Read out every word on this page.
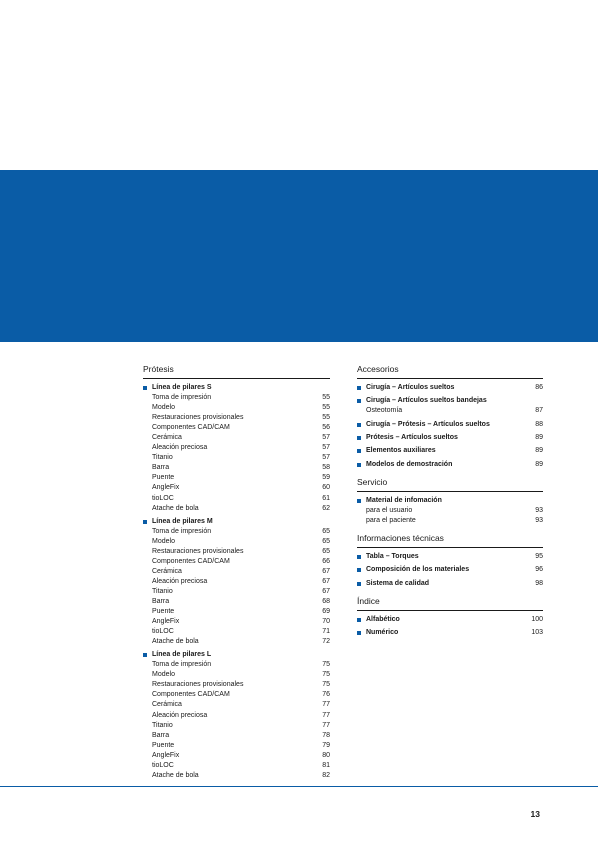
Prótesis
Línea de pilares S
Toma de impresión	55
Modelo	55
Restauraciones provisionales	55
Componentes CAD/CAM	56
Cerámica	57
Aleación preciosa	57
Titanio	57
Barra	58
Puente	59
AngleFix	60
tioLOC	61
Atache de bola	62
Línea de pilares M
Toma de impresión	65
Modelo	65
Restauraciones provisionales	65
Componentes CAD/CAM	66
Cerámica	67
Aleación preciosa	67
Titanio	67
Barra	68
Puente	69
AngleFix	70
tioLOC	71
Atache de bola	72
Línea de pilares L
Toma de impresión	75
Modelo	75
Restauraciones provisionales	75
Componentes CAD/CAM	76
Cerámica	77
Aleación preciosa	77
Titanio	77
Barra	78
Puente	79
AngleFix	80
tioLOC	81
Atache de bola	82
Accesorios
Cirugía – Artículos sueltos	86
Cirugía – Artículos sueltos bandejas
Osteotomía	87
Cirugía – Prótesis – Artículos sueltos	88
Prótesis – Artículos sueltos	89
Elementos auxiliares	89
Modelos de demostración	89
Servicio
Material de infomación
para el usuario	93
para el paciente	93
Informaciones técnicas
Tabla – Torques	95
Composición de los materiales	96
Sistema de calidad	98
Índice
Alfabético	100
Numérico	103
13
